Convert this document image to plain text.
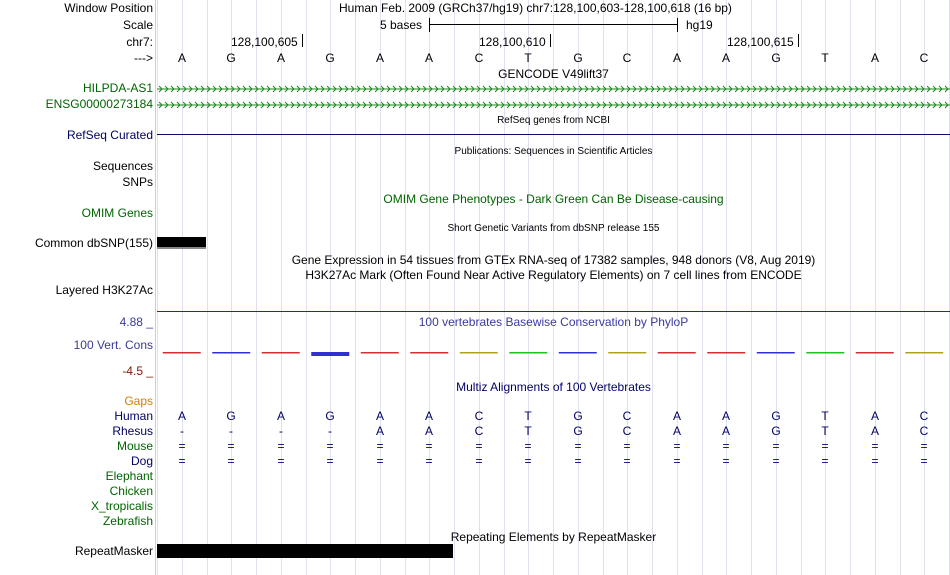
Window Position	Human Feb. 2009 (GRCh37/hg19) chr7:128,100,603-128,100,618 (16 bp)
Scale	5 bases	hg19
chr7:	128,100,605	128,100,610	128,100,615
--->	A	G	A	G	A	A	C	T	G	C	A	A	G	T	A	C
GENCODE V49lift37
HILPDA-AS1
ENSG00000273184
RefSeq genes from NCBI
RefSeq Curated
Publications: Sequences in Scientific Articles
Sequences
SNPs
OMIM Gene Phenotypes - Dark Green Can Be Disease-causing
OMIM Genes
Short Genetic Variants from dbSNP release 155
Common dbSNP(155)
Gene Expression in 54 tissues from GTEx RNA-seq of 17382 samples, 948 donors (V8, Aug 2019)
H3K27Ac Mark (Often Found Near Active Regulatory Elements) on 7 cell lines from ENCODE
Layered H3K27Ac
4.88 _	100 vertebrates Basewise Conservation by PhyloP
100 Vert. Cons
-4.5 _
Multiz Alignments of 100 Vertebrates
Gaps
Human	A	G	A	G	A	A	C	T	G	C	A	A	G	T	A	C
Rhesus	-	-	-	-	A	A	C	T	G	C	A	A	G	T	A	C
Mouse	=	=	=	=	=	=	=	=	=	=	=	=	=	=	=	=
Dog	=	=	=	=	=	=	=	=	=	=	=	=	=	=	=	=
Elephant
Chicken
X_tropicalis
Zebrafish
Repeating Elements by RepeatMasker
RepeatMasker
